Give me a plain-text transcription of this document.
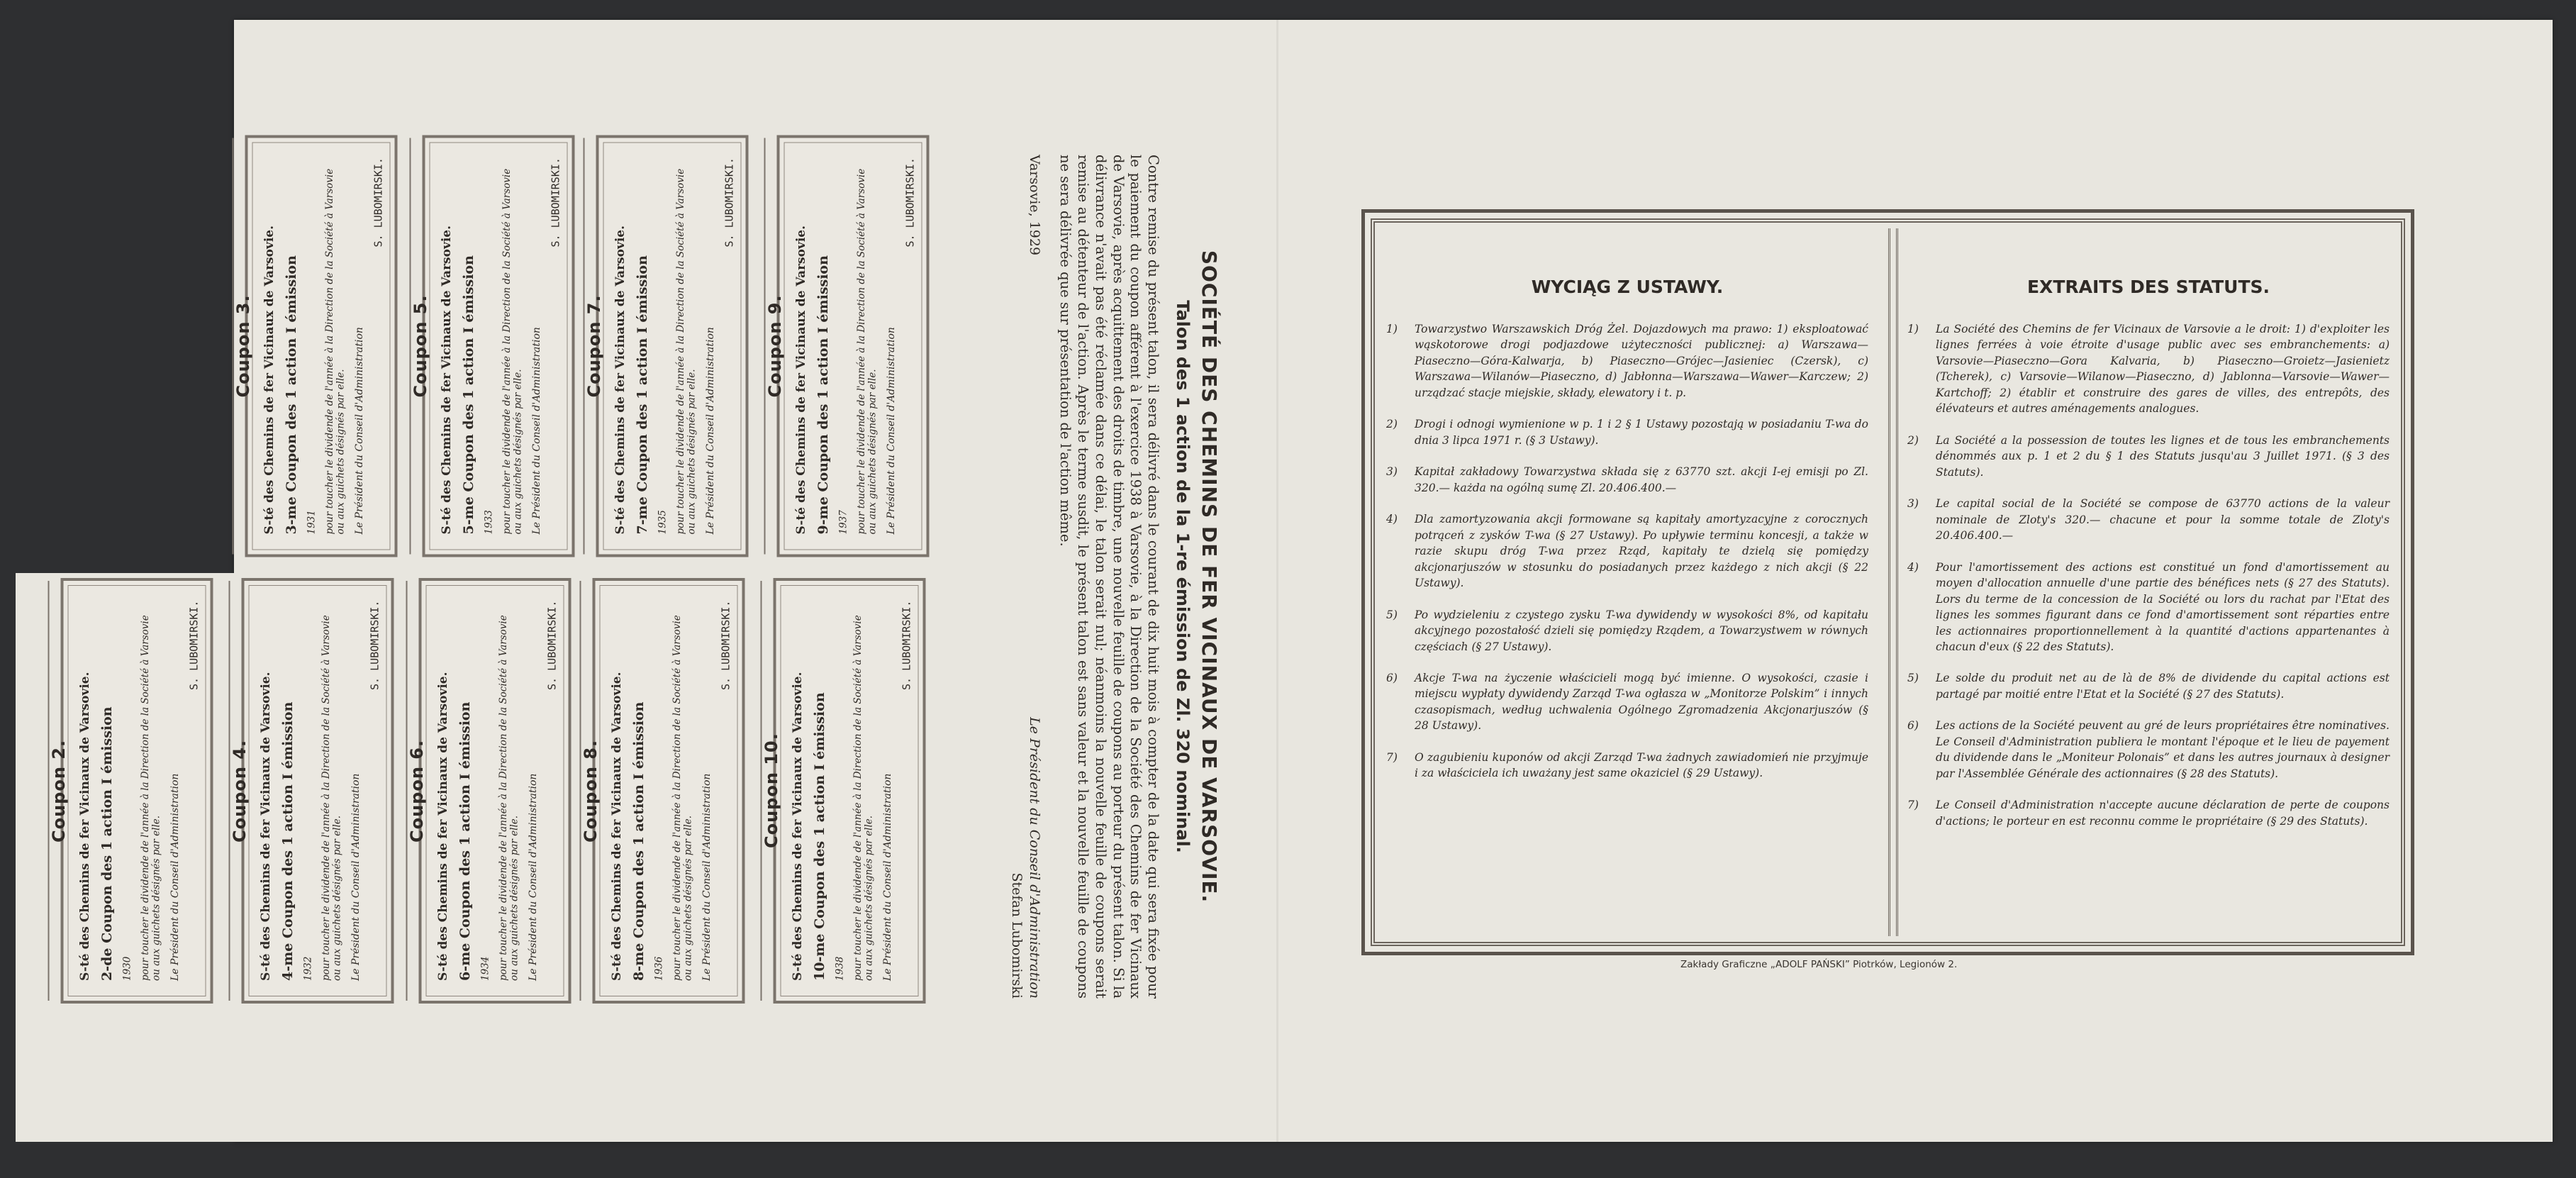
SOCIÉTÉ DES CHEMINS DE FER VICINAUX DE VARSOVIE.
Talon des 1 action de la 1-re émission de Zl. 320 nominal.
Contre remise du présent talon, il sera délivré dans le courant de dix huit mois à compter de la date qui sera fixée pour le paiement du coupon afférent à l'exercice 1938 à Varsovie, à la Direction de la Société des Chemins de fer Vicinaux de Varsovie, après acquittement des droits de timbre, une nouvelle feuille de coupons au porteur du présent talon. Si la délivrance n'avait pas été réclamée dans ce délai, le talon serait nul; néanmoins la nouvelle feuille de coupons serait remise au détenteur de l'action. Après le terme susdit, le présent talon est sans valeur et la nouvelle feuille de coupons ne sera délivrée que sur présentation de l'action même.
Varsovie, 1929
Le Président du Conseil d'Administration
Stefan Lubomirski
S-té des Chemins de fer Vicinaux de Varsovie. 9-me Coupon des 1 action I émission 1937 pour toucher le dividende de l'année à la Direction de la Société à Varsovie ou aux guichets désignés par elle. Le Président du Conseil d'Administration
S. LUBOMIRSKI.
Coupon 9.
S-té des Chemins de fer Vicinaux de Varsovie. 7-me Coupon des 1 action I émission 1935 pour toucher le dividende de l'année à la Direction de la Société à Varsovie ou aux guichets désignés par elle. Le Président du Conseil d'Administration
S. LUBOMIRSKI.
Coupon 7.
S-té des Chemins de fer Vicinaux de Varsovie. 5-me Coupon des 1 action I émission 1933 pour toucher le dividende de l'année à la Direction de la Société à Varsovie ou aux guichets désignés par elle. Le Président du Conseil d'Administration
S. LUBOMIRSKI.
Coupon 5.
S-té des Chemins de fer Vicinaux de Varsovie. 3-me Coupon des 1 action I émission 1931 pour toucher le dividende de l'année à la Direction de la Société à Varsovie ou aux guichets désignés par elle. Le Président du Conseil d'Administration
S. LUBOMIRSKI.
Coupon 3.
S-té des Chemins de fer Vicinaux de Varsovie. 10-me Coupon des 1 action I émission 1938 pour toucher le dividende de l'année à la Direction de la Société à Varsovie ou aux guichets désignés par elle. Le Président du Conseil d'Administration
S. LUBOMIRSKI.
Coupon 10.
S-té des Chemins de fer Vicinaux de Varsovie. 8-me Coupon des 1 action I émission 1936 pour toucher le dividende de l'année à la Direction de la Société à Varsovie ou aux guichets désignés par elle. Le Président du Conseil d'Administration
S. LUBOMIRSKI.
Coupon 8.
S-té des Chemins de fer Vicinaux de Varsovie. 6-me Coupon des 1 action I émission 1934 pour toucher le dividende de l'année à la Direction de la Société à Varsovie ou aux guichets désignés par elle. Le Président du Conseil d'Administration
S. LUBOMIRSKI.
Coupon 6.
S-té des Chemins de fer Vicinaux de Varsovie. 4-me Coupon des 1 action I émission 1932 pour toucher le dividende de l'année à la Direction de la Société à Varsovie ou aux guichets désignés par elle. Le Président du Conseil d'Administration
S. LUBOMIRSKI.
Coupon 4.
S-té des Chemins de fer Vicinaux de Varsovie. 2-de Coupon des 1 action I émission 1930 pour toucher le dividende de l'année à la Direction de la Société à Varsovie ou aux guichets désignés par elle. Le Président du Conseil d'Administration
S. LUBOMIRSKI.
Coupon 2.
WYCIĄG Z USTAWY.
1)	Towarzystwo Warszawskich Dróg Żel. Dojazdowych ma prawo: 1) eksploatować wąskotorowe drogi podjazdowe użyteczności publicznej: a) Warszawa—Piaseczno—Góra-Kalwarja, b) Piaseczno—Grójec—Jasieniec (Czersk), c) Warszawa—Wilanów—Piaseczno, d) Jabłonna—Warszawa—Wawer—Karczew; 2) urządzać stacje miejskie, składy, elewatory i t. p.
2)	Drogi i odnogi wymienione w p. 1 i 2 § 1 Ustawy pozostają w posiadaniu T-wa do dnia 3 lipca 1971 r. (§ 3 Ustawy).
3)	Kapitał zakładowy Towarzystwa składa się z 63770 szt. akcji I-ej emisji po Zl. 320.— każda na ogólną sumę Zl. 20.406.400.—
4)	Dla zamortyzowania akcji formowane są kapitały amortyzacyjne z corocznych potrąceń z zysków T-wa (§ 27 Ustawy). Po upływie terminu koncesji, a także w razie skupu dróg T-wa przez Rząd, kapitały te dzielą się pomiędzy akcjonarjuszów w stosunku do posiadanych przez każdego z nich akcji (§ 22 Ustawy).
5)	Po wydzieleniu z czystego zysku T-wa dywidendy w wysokości 8%, od kapitału akcyjnego pozostałość dzieli się pomiędzy Rządem, a Towarzystwem w równych częściach (§ 27 Ustawy).
6)	Akcje T-wa na życzenie właścicieli mogą być imienne. O wysokości, czasie i miejscu wypłaty dywidendy Zarząd T-wa ogłasza w „Monitorze Polskim” i innych czasopismach, według uchwalenia Ogólnego Zgromadzenia Akcjonarjuszów (§ 28 Ustawy).
7)	O zagubieniu kuponów od akcji Zarząd T-wa żadnych zawiadomień nie przyjmuje i za właściciela ich uważany jest same okaziciel (§ 29 Ustawy).
EXTRAITS DES STATUTS.
1)	La Société des Chemins de fer Vicinaux de Varsovie a le droit: 1) d'exploiter les lignes ferrées à voie étroite d'usage public avec ses embranchements: a) Varsovie—Piaseczno—Gora Kalvaria, b) Piaseczno—Groietz—Jasienietz (Tcherek), c) Varsovie—Wilanow—Piaseczno, d) Jablonna—Varsovie—Wawer—Kartchoff; 2) établir et construire des gares de villes, des entrepôts, des élévateurs et autres aménagements analogues.
2)	La Société a la possession de toutes les lignes et de tous les embranchements dénommés aux p. 1 et 2 du § 1 des Statuts jusqu'au 3 Juillet 1971. (§ 3 des Statuts).
3)	Le capital social de la Société se compose de 63770 actions de la valeur nominale de Zloty's 320.— chacune et pour la somme totale de Zloty's 20.406.400.—
4)	Pour l'amortissement des actions est constitué un fond d'amortissement au moyen d'allocation annuelle d'une partie des bénéfices nets (§ 27 des Statuts). Lors du terme de la concession de la Société ou lors du rachat par l'Etat des lignes les sommes figurant dans ce fond d'amortissement sont réparties entre les actionnaires proportionnellement à la quantité d'actions appartenantes à chacun d'eux (§ 22 des Statuts).
5)	Le solde du produit net au de là de 8% de dividende du capital actions est partagé par moitié entre l'Etat et la Société (§ 27 des Statuts).
6)	Les actions de la Société peuvent au gré de leurs propriétaires être nominatives. Le Conseil d'Administration publiera le montant l'époque et le lieu de payement du dividende dans le „Moniteur Polonais” et dans les autres journaux à designer par l'Assemblée Générale des actionnaires (§ 28 des Statuts).
7)	Le Conseil d'Administration n'accepte aucune déclaration de perte de coupons d'actions; le porteur en est reconnu comme le propriétaire (§ 29 des Statuts).
Zakłady Graficzne „ADOLF PAŃSKI” Piotrków, Legionów 2.
